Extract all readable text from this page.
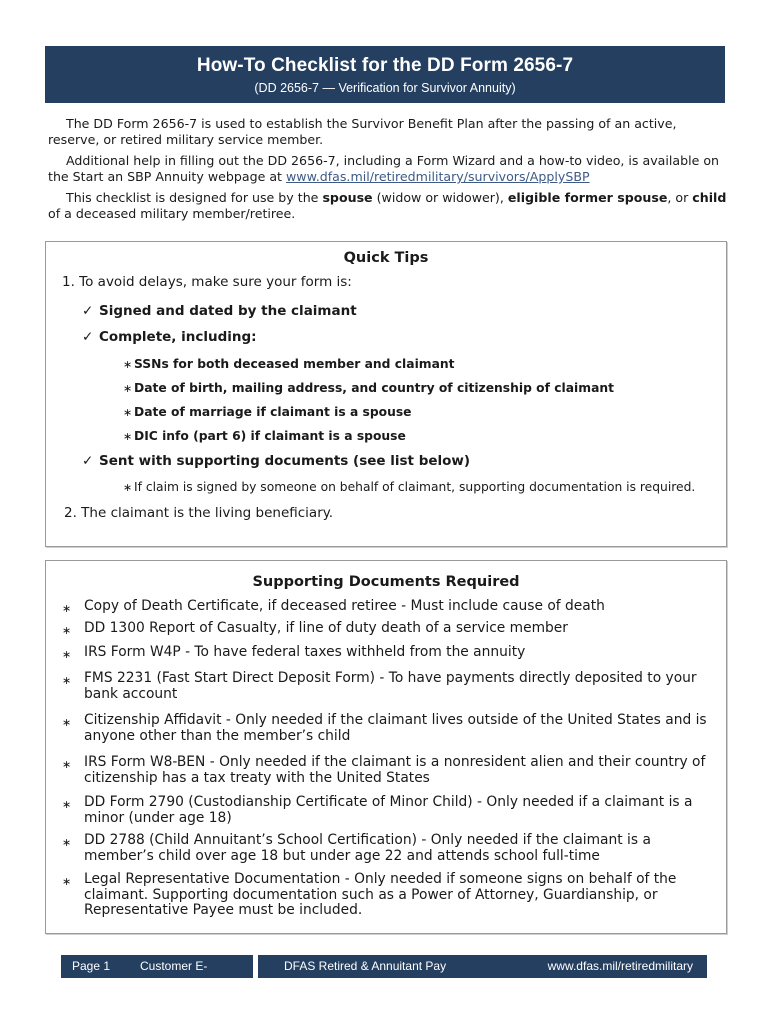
How-To Checklist for the DD Form 2656-7
(DD 2656-7 — Verification for Survivor Annuity)

The DD Form 2656-7 is used to establish the Survivor Benefit Plan after the passing of an active, reserve, or retired military service member.

Additional help in filling out the DD 2656-7, including a Form Wizard and a how-to video, is available on the Start an SBP Annuity webpage at www.dfas.mil/retiredmilitary/survivors/ApplySBP

This checklist is designed for use by the spouse (widow or widower), eligible former spouse, or child of a deceased military member/retiree.

Quick Tips
1. To avoid delays, make sure your form is:
✓ Signed and dated by the claimant
✓ Complete, including:
∗ SSNs for both deceased member and claimant
∗ Date of birth, mailing address, and country of citizenship of claimant
∗ Date of marriage if claimant is a spouse
∗ DIC info (part 6) if claimant is a spouse
✓ Sent with supporting documents (see list below)
∗ If claim is signed by someone on behalf of claimant, supporting documentation is required.
2. The claimant is the living beneficiary.
Supporting Documents Required
∗ Copy of Death Certificate, if deceased retiree - Must include cause of death
∗ DD 1300 Report of Casualty, if line of duty death of a service member
∗ IRS Form W4P - To have federal taxes withheld from the annuity
∗ FMS 2231 (Fast Start Direct Deposit Form) - To have payments directly deposited to your bank account
∗ Citizenship Affidavit - Only needed if the claimant lives outside of the United States and is anyone other than the member’s child
∗ IRS Form W8-BEN - Only needed if the claimant is a nonresident alien and their country of citizenship has a tax treaty with the United States
∗ DD Form 2790 (Custodianship Certificate of Minor Child) - Only needed if a claimant is a minor (under age 18)
∗ DD 2788 (Child Annuitant’s School Certification) - Only needed if the claimant is a member’s child over age 18 but under age 22 and attends school full-time
∗ Legal Representative Documentation - Only needed if someone signs on behalf of the claimant. Supporting documentation such as a Power of Attorney, Guardianship, or Representative Payee must be included.
Page 1 Customer E-Checklist
DFAS Retired & Annuitant Pay	www.dfas.mil/retiredmilitary
